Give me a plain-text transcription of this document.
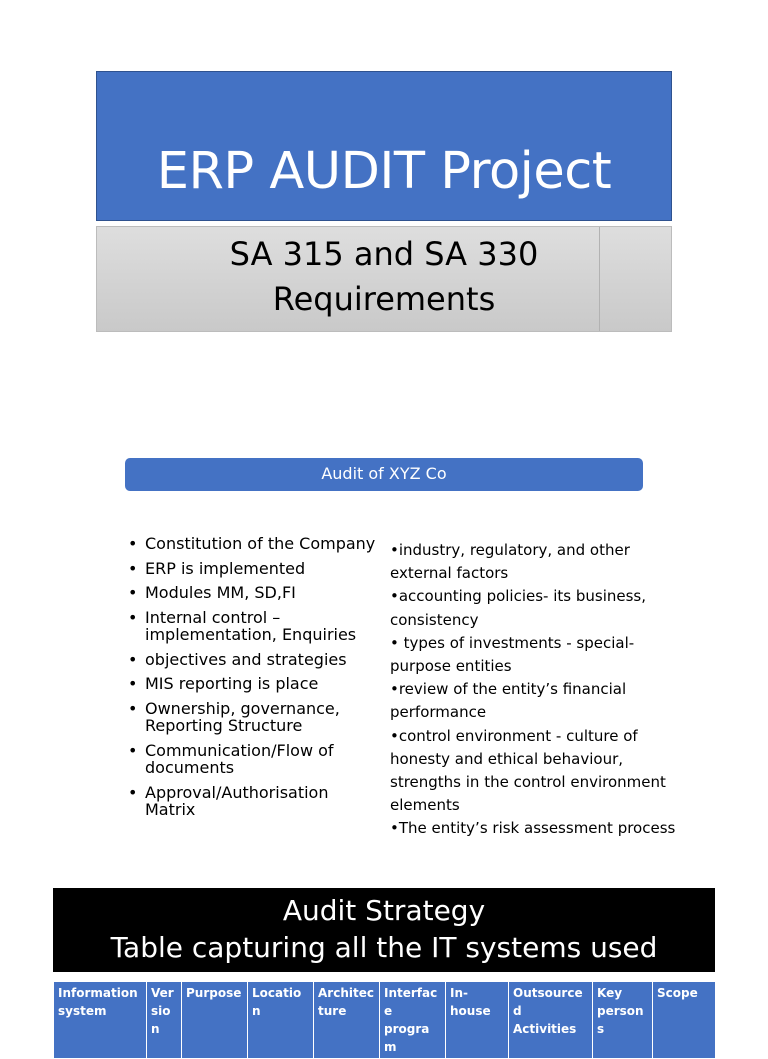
ERP AUDIT Project
SA 315 and SA 330
Requirements
Audit of XYZ Co
• Constitution of the Company
• ERP is implemented
• Modules MM, SD,FI
• Internal control – implementation, Enquiries
• objectives and strategies
• MIS reporting is place
• Ownership, governance, Reporting Structure
• Communication/Flow of documents
• Approval/Authorisation Matrix
•industry, regulatory, and other external factors
•accounting policies- its business, consistency
• types of investments - special-purpose entities
•review of the entity’s financial performance
•control environment - culture of honesty and ethical behaviour, strengths in the control environment elements
•The entity’s risk assessment process
Audit Strategy
Table capturing all the IT systems used
Information system	Version	Purpose	Location	Architecture	Interface program	In-house	Outsourced Activities	Key persons	Scope
